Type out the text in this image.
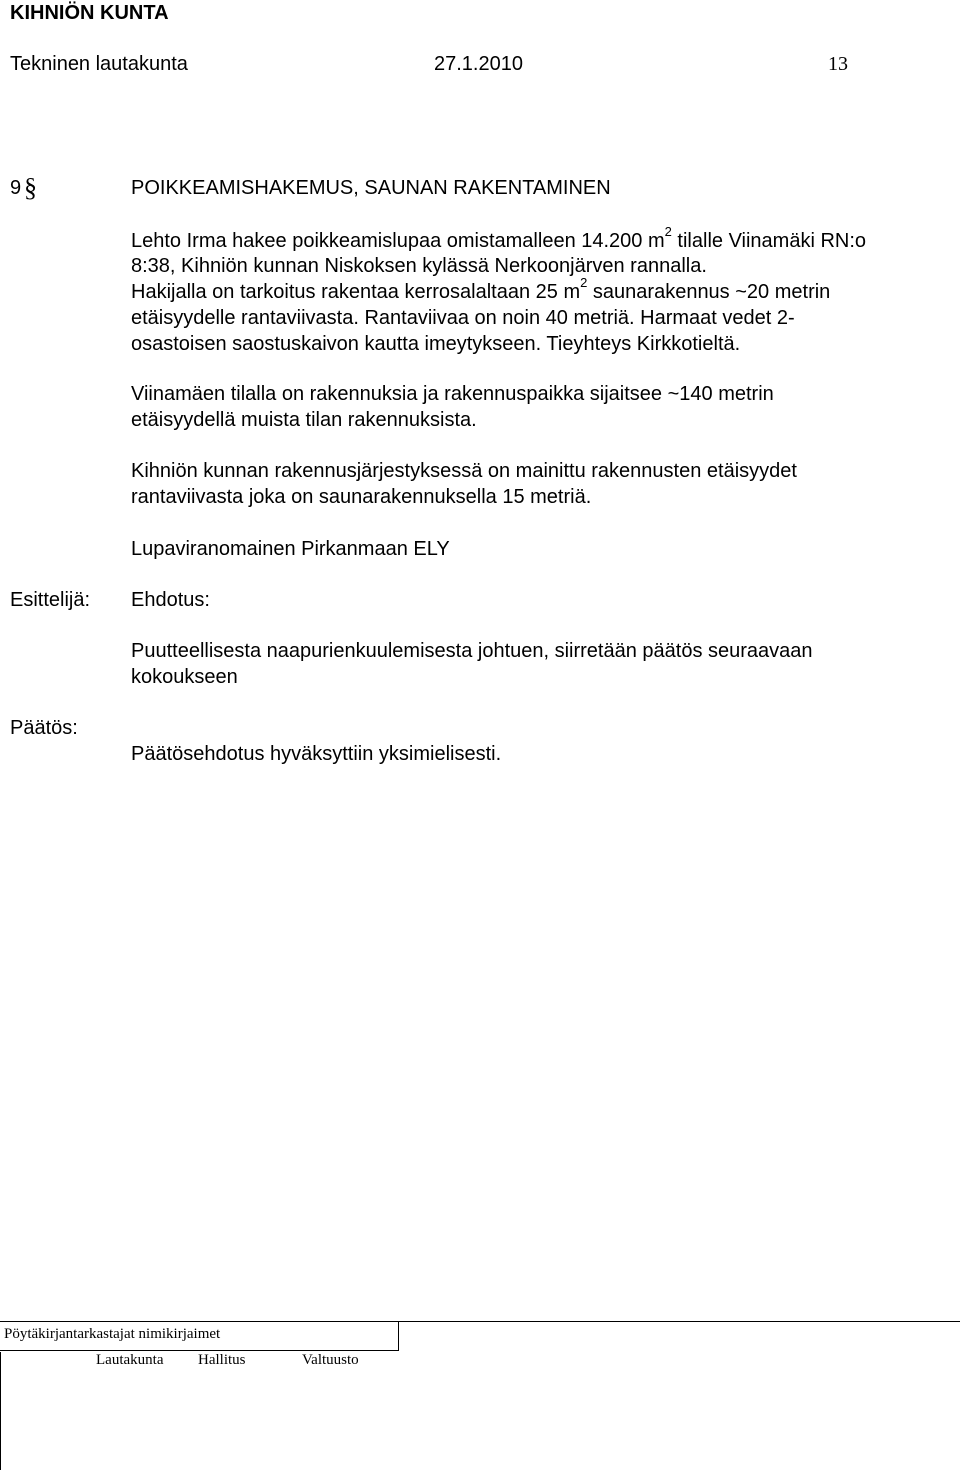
KIHNIÖN KUNTA
Tekninen lautakunta	27.1.2010	13
9 §	POIKKEAMISHAKEMUS, SAUNAN RAKENTAMINEN
Lehto Irma hakee poikkeamislupaa omistamalleen 14.200 $m^2$ tilalle Viinamäki RN:o
8:38, Kihniön kunnan Niskoksen kylässä Nerkoonjärven rannalla.
Hakijalla on tarkoitus rakentaa kerrosalaltaan 25 $m^2$ saunarakennus ~20 metrin
etäisyydelle rantaviivasta. Rantaviivaa on noin 40 metriä. Harmaat vedet 2-
osastoisen saostuskaivon kautta imeytykseen. Tieyhteys Kirkkotieltä.
Viinamäen tilalla on rakennuksia ja rakennuspaikka sijaitsee ~140 metrin
etäisyydellä muista tilan rakennuksista.
Kihniön kunnan rakennusjärjestyksessä on mainittu rakennusten etäisyydet
rantaviivasta joka on saunarakennuksella 15 metriä.
Lupaviranomainen Pirkanmaan ELY
Esittelijä: Ehdotus:
Puutteellisesta naapurienkuulemisesta johtuen, siirretään päätös seuraavaan
kokoukseen
Päätös:
Päätösehdotus hyväksyttiin yksimielisesti.
Pöytäkirjantarkastajat nimikirjaimet
Lautakunta Hallitus	Valtuusto
